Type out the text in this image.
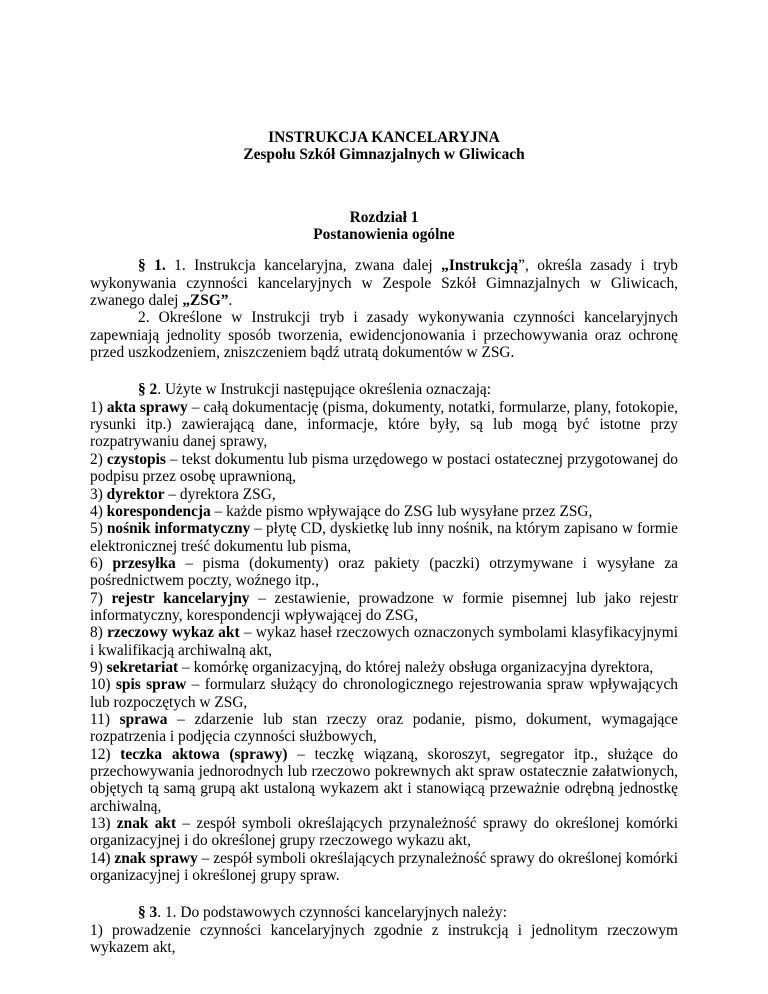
INSTRUKCJA KANCELARYJNA

Zespołu Szkół Gimnazjalnych w Gliwicach

Rozdział 1

Postanowienia ogólne

§ 1. 1. Instrukcja kancelaryjna, zwana dalej „Instrukcją”, określa zasady i tryb wykonywania czynności kancelaryjnych w Zespole Szkół Gimnazjalnych w Gliwicach, zwanego dalej „ZSG”.

2. Określone w Instrukcji tryb i zasady wykonywania czynności kancelaryjnych zapewniają jednolity sposób tworzenia, ewidencjonowania i przechowywania oraz ochronę przed uszkodzeniem, zniszczeniem bądź utratą dokumentów w ZSG.

§ 2. Użyte w Instrukcji następujące określenia oznaczają:

1) akta sprawy – całą dokumentację (pisma, dokumenty, notatki, formularze, plany, fotokopie, rysunki itp.) zawierającą dane, informacje, które były, są lub mogą być istotne przy rozpatrywaniu danej sprawy,

2) czystopis – tekst dokumentu lub pisma urzędowego w postaci ostatecznej przygotowanej do podpisu przez osobę uprawnioną,

3) dyrektor – dyrektora ZSG,

4) korespondencja – każde pismo wpływające do ZSG lub wysyłane przez ZSG,

5) nośnik informatyczny – płytę CD, dyskietkę lub inny nośnik, na którym zapisano w formie elektronicznej treść dokumentu lub pisma,

6) przesyłka – pisma (dokumenty) oraz pakiety (paczki) otrzymywane i wysyłane za pośrednictwem poczty, woźnego itp.,

7) rejestr kancelaryjny – zestawienie, prowadzone w formie pisemnej lub jako rejestr informatyczny, korespondencji wpływającej do ZSG,

8) rzeczowy wykaz akt – wykaz haseł rzeczowych oznaczonych symbolami klasyfikacyjnymi i kwalifikacją archiwalną akt,

9) sekretariat – komórkę organizacyjną, do której należy obsługa organizacyjna dyrektora,

10) spis spraw – formularz służący do chronologicznego rejestrowania spraw wpływających lub rozpoczętych w ZSG,

11) sprawa – zdarzenie lub stan rzeczy oraz podanie, pismo, dokument, wymagające rozpatrzenia i podjęcia czynności służbowych,

12) teczka aktowa (sprawy) – teczkę wiązaną, skoroszyt, segregator itp., służące do przechowywania jednorodnych lub rzeczowo pokrewnych akt spraw ostatecznie załatwionych, objętych tą samą grupą akt ustaloną wykazem akt i stanowiącą przeważnie odrębną jednostkę archiwalną,

13) znak akt – zespół symboli określających przynależność sprawy do określonej komórki organizacyjnej i do określonej grupy rzeczowego wykazu akt,

14) znak sprawy – zespół symboli określających przynależność sprawy do określonej komórki organizacyjnej i określonej grupy spraw.

§ 3. 1. Do podstawowych czynności kancelaryjnych należy:

1) prowadzenie czynności kancelaryjnych zgodnie z instrukcją i jednolitym rzeczowym wykazem akt,
